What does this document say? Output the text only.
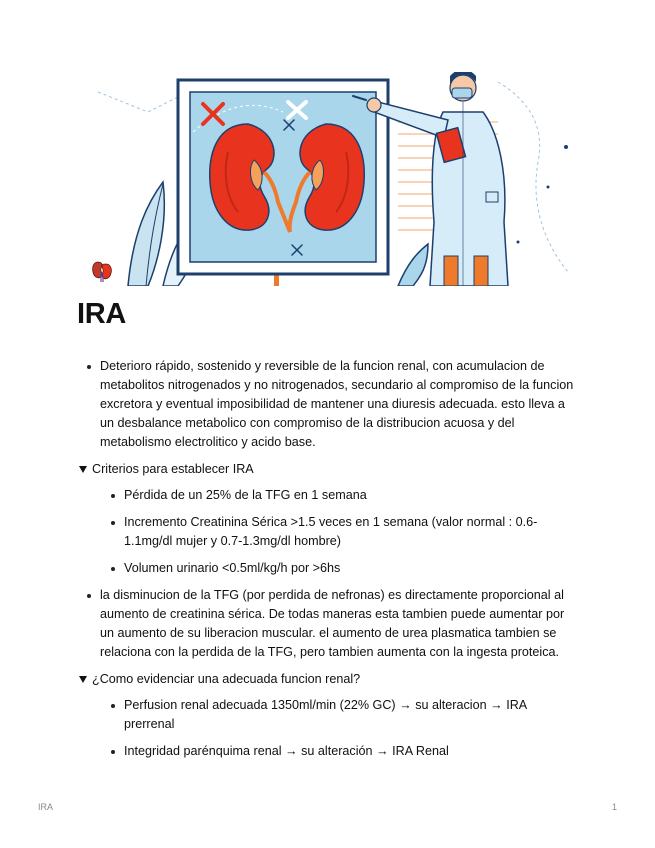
IRA
Deterioro rápido, sostenido y reversible de la funcion renal, con acumulacion de metabolitos nitrogenados y no nitrogenados, secundario al compromiso de la funcion excretora y eventual imposibilidad de mantener una diuresis adecuada. esto lleva a un desbalance metabolico con compromiso de la distribucion acuosa y del metabolismo electrolitico y acido base.
Criterios para establecer IRA
Pérdida de un 25% de la TFG en 1 semana
Incremento Creatinina Sérica >1.5 veces en 1 semana (valor normal : 0.6-1.1mg/dl mujer y 0.7-1.3mg/dl hombre)
Volumen urinario <0.5ml/kg/h por >6hs
la disminucion de la TFG (por perdida de nefronas) es directamente proporcional al aumento de creatinina sérica. De todas maneras esta tambien puede aumentar por un aumento de su liberacion muscular. el aumento de urea plasmatica tambien se relaciona con la perdida de la TFG, pero tambien aumenta con la ingesta proteica.
¿Como evidenciar una adecuada funcion renal?
Perfusion renal adecuada 1350ml/min (22% GC) → su alteracion → IRA prerrenal
Integridad parénquima renal → su alteración → IRA Renal
IRA	1
